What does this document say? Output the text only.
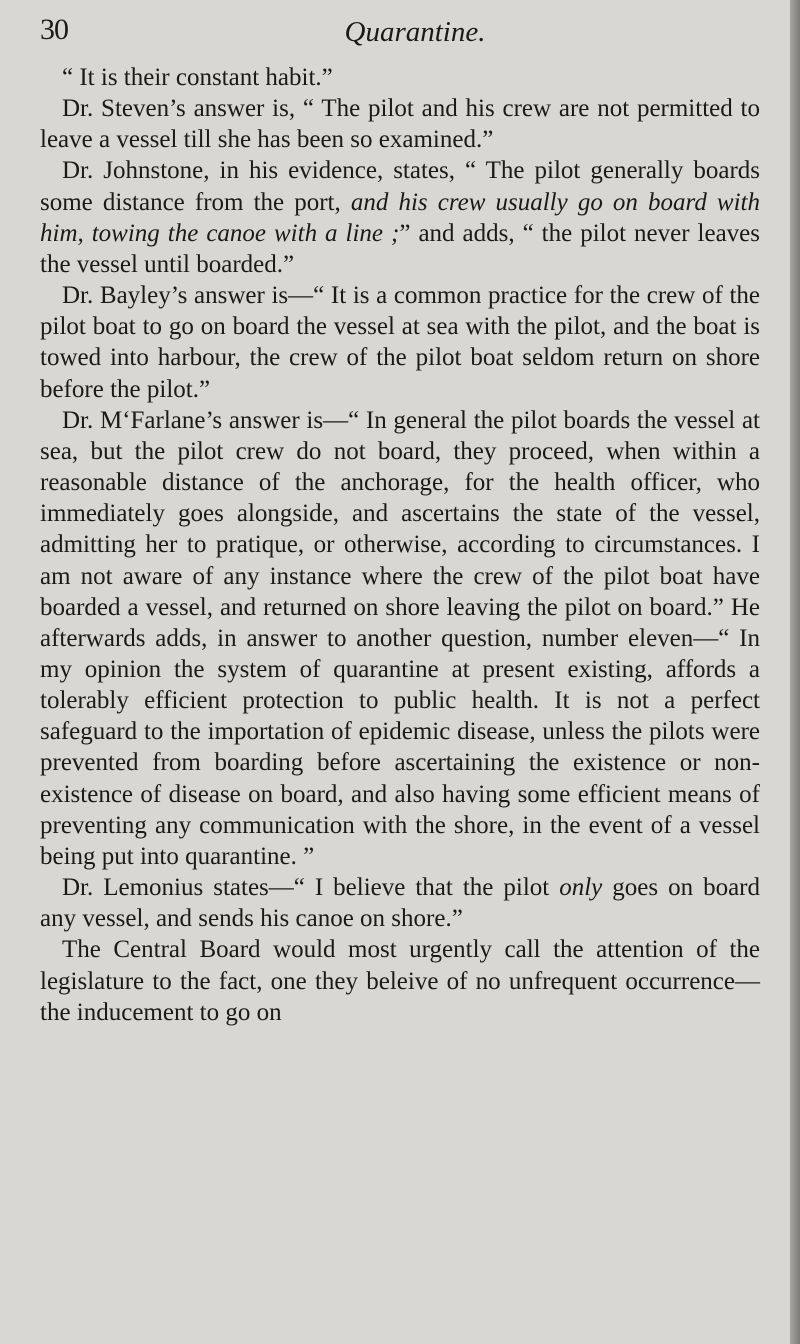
30	Quarantine.

“ It is their constant habit.”

Dr. Steven’s answer is, “ The pilot and his crew are not permitted to leave a vessel till she has been so examined.”

Dr. Johnstone, in his evidence, states, “ The pilot generally boards some distance from the port, and his crew usually go on board with him, towing the canoe with a line ;” and adds, “ the pilot never leaves the vessel until boarded.”

Dr. Bayley’s answer is—“ It is a common practice for the crew of the pilot boat to go on board the vessel at sea with the pilot, and the boat is towed into harbour, the crew of the pilot boat seldom return on shore before the pilot.”

Dr. M‘Farlane’s answer is—“ In general the pilot boards the vessel at sea, but the pilot crew do not board, they proceed, when within a reasonable distance of the anchorage, for the health officer, who immediately goes alongside, and ascertains the state of the vessel, admitting her to pratique, or otherwise, according to circumstances. I am not aware of any instance where the crew of the pilot boat have boarded a vessel, and returned on shore leaving the pilot on board.” He afterwards adds, in answer to another question, number eleven—“ In my opinion the system of quarantine at present existing, affords a tolerably efficient protection to public health. It is not a perfect safeguard to the importation of epidemic disease, unless the pilots were prevented from boarding before ascertaining the existence or non-existence of disease on board, and also having some efficient means of preventing any communication with the shore, in the event of a vessel being put into quarantine. ”

Dr. Lemonius states—“ I believe that the pilot only goes on board any vessel, and sends his canoe on shore.”

The Central Board would most urgently call the attention of the legislature to the fact, one they beleive of no unfrequent occurrence—the inducement to go on
